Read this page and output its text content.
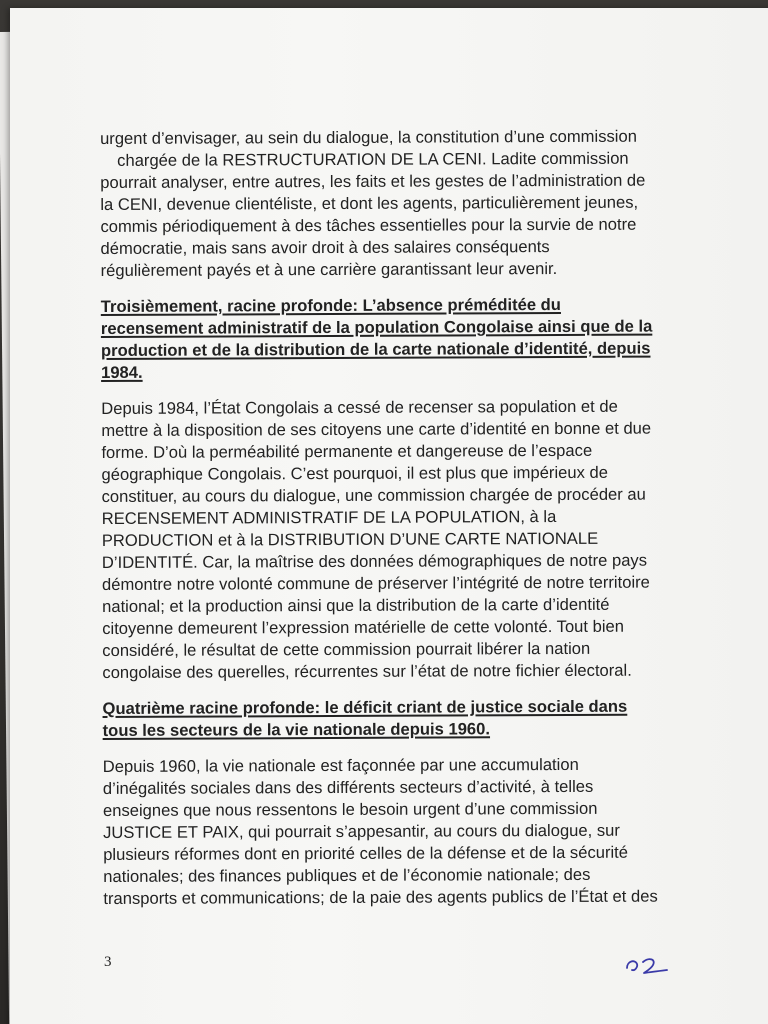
urgent d’envisager, au sein du dialogue, la constitution d’une commission
chargée de la RESTRUCTURATION DE LA CENI. Ladite commission
pourrait analyser, entre autres, les faits et les gestes de l’administration de
la CENI, devenue clientéliste, et dont les agents, particulièrement jeunes,
commis périodiquement à des tâches essentielles pour la survie de notre
démocratie, mais sans avoir droit à des salaires conséquents
régulièrement payés et à une carrière garantissant leur avenir.
Troisièmement, racine profonde: L’absence préméditée du
recensement administratif de la population Congolaise ainsi que de la
production et de la distribution de la carte nationale d’identité, depuis
1984.
Depuis 1984, l’État Congolais a cessé de recenser sa population et de
mettre à la disposition de ses citoyens une carte d’identité en bonne et due
forme. D’où la perméabilité permanente et dangereuse de l’espace
géographique Congolais. C’est pourquoi, il est plus que impérieux de
constituer, au cours du dialogue, une commission chargée de procéder au
RECENSEMENT ADMINISTRATIF DE LA POPULATION, à la
PRODUCTION et à la DISTRIBUTION D’UNE CARTE NATIONALE
D’IDENTITÉ. Car, la maîtrise des données démographiques de notre pays
démontre notre volonté commune de préserver l’intégrité de notre territoire
national; et la production ainsi que la distribution de la carte d’identité
citoyenne demeurent l’expression matérielle de cette volonté. Tout bien
considéré, le résultat de cette commission pourrait libérer la nation
congolaise des querelles, récurrentes sur l’état de notre fichier électoral.
Quatrième racine profonde: le déficit criant de justice sociale dans
tous les secteurs de la vie nationale depuis 1960.
Depuis 1960, la vie nationale est façonnée par une accumulation
d’inégalités sociales dans des différents secteurs d’activité, à telles
enseignes que nous ressentons le besoin urgent d’une commission
JUSTICE ET PAIX, qui pourrait s’appesantir, au cours du dialogue, sur
plusieurs réformes dont en priorité celles de la défense et de la sécurité
nationales; des finances publiques et de l’économie nationale; des
transports et communications; de la paie des agents publics de l’État et des
3
